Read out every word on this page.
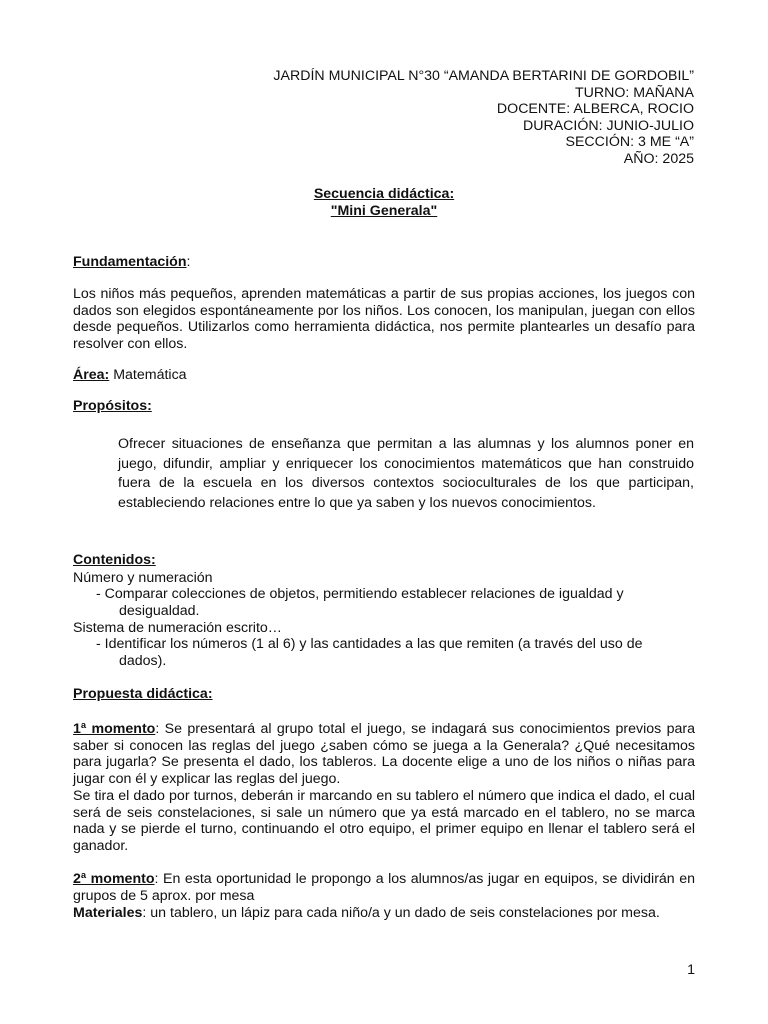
JARDÍN MUNICIPAL N°30 “AMANDA BERTARINI DE GORDOBIL”
TURNO: MAÑANA
DOCENTE: ALBERCA, ROCIO
DURACIÓN: JUNIO-JULIO
SECCIÓN: 3 ME “A”
AÑO: 2025
Secuencia didáctica:
"Mini Generala"
Fundamentación:
Los niños más pequeños, aprenden matemáticas a partir de sus propias acciones, los juegos con dados son elegidos espontáneamente por los niños. Los conocen, los manipulan, juegan con ellos desde pequeños. Utilizarlos como herramienta didáctica, nos permite plantearles un desafío para resolver con ellos.
Área: Matemática
Propósitos:
Ofrecer situaciones de enseñanza que permitan a las alumnas y los alumnos poner en juego, difundir, ampliar y enriquecer los conocimientos matemáticos que han construido fuera de la escuela en los diversos contextos socioculturales de los que participan, estableciendo relaciones entre lo que ya saben y los nuevos conocimientos.
Contenidos:
Número y numeración
- Comparar colecciones de objetos, permitiendo establecer relaciones de igualdad y
desigualdad.
Sistema de numeración escrito…
- Identificar los números (1 al 6) y las cantidades a las que remiten (a través del uso de
dados).
Propuesta didáctica:
1ª momento: Se presentará al grupo total el juego, se indagará sus conocimientos previos para saber si conocen las reglas del juego ¿saben cómo se juega a la Generala? ¿Qué necesitamos para jugarla? Se presenta el dado, los tableros. La docente elige a uno de los niños o niñas para jugar con él y explicar las reglas del juego.
Se tira el dado por turnos, deberán ir marcando en su tablero el número que indica el dado, el cual será de seis constelaciones, si sale un número que ya está marcado en el tablero, no se marca nada y se pierde el turno, continuando el otro equipo, el primer equipo en llenar el tablero será el ganador.
2ª momento: En esta oportunidad le propongo a los alumnos/as jugar en equipos, se dividirán en grupos de 5 aprox. por mesa
Materiales: un tablero, un lápiz para cada niño/a y un dado de seis constelaciones por mesa.
1
